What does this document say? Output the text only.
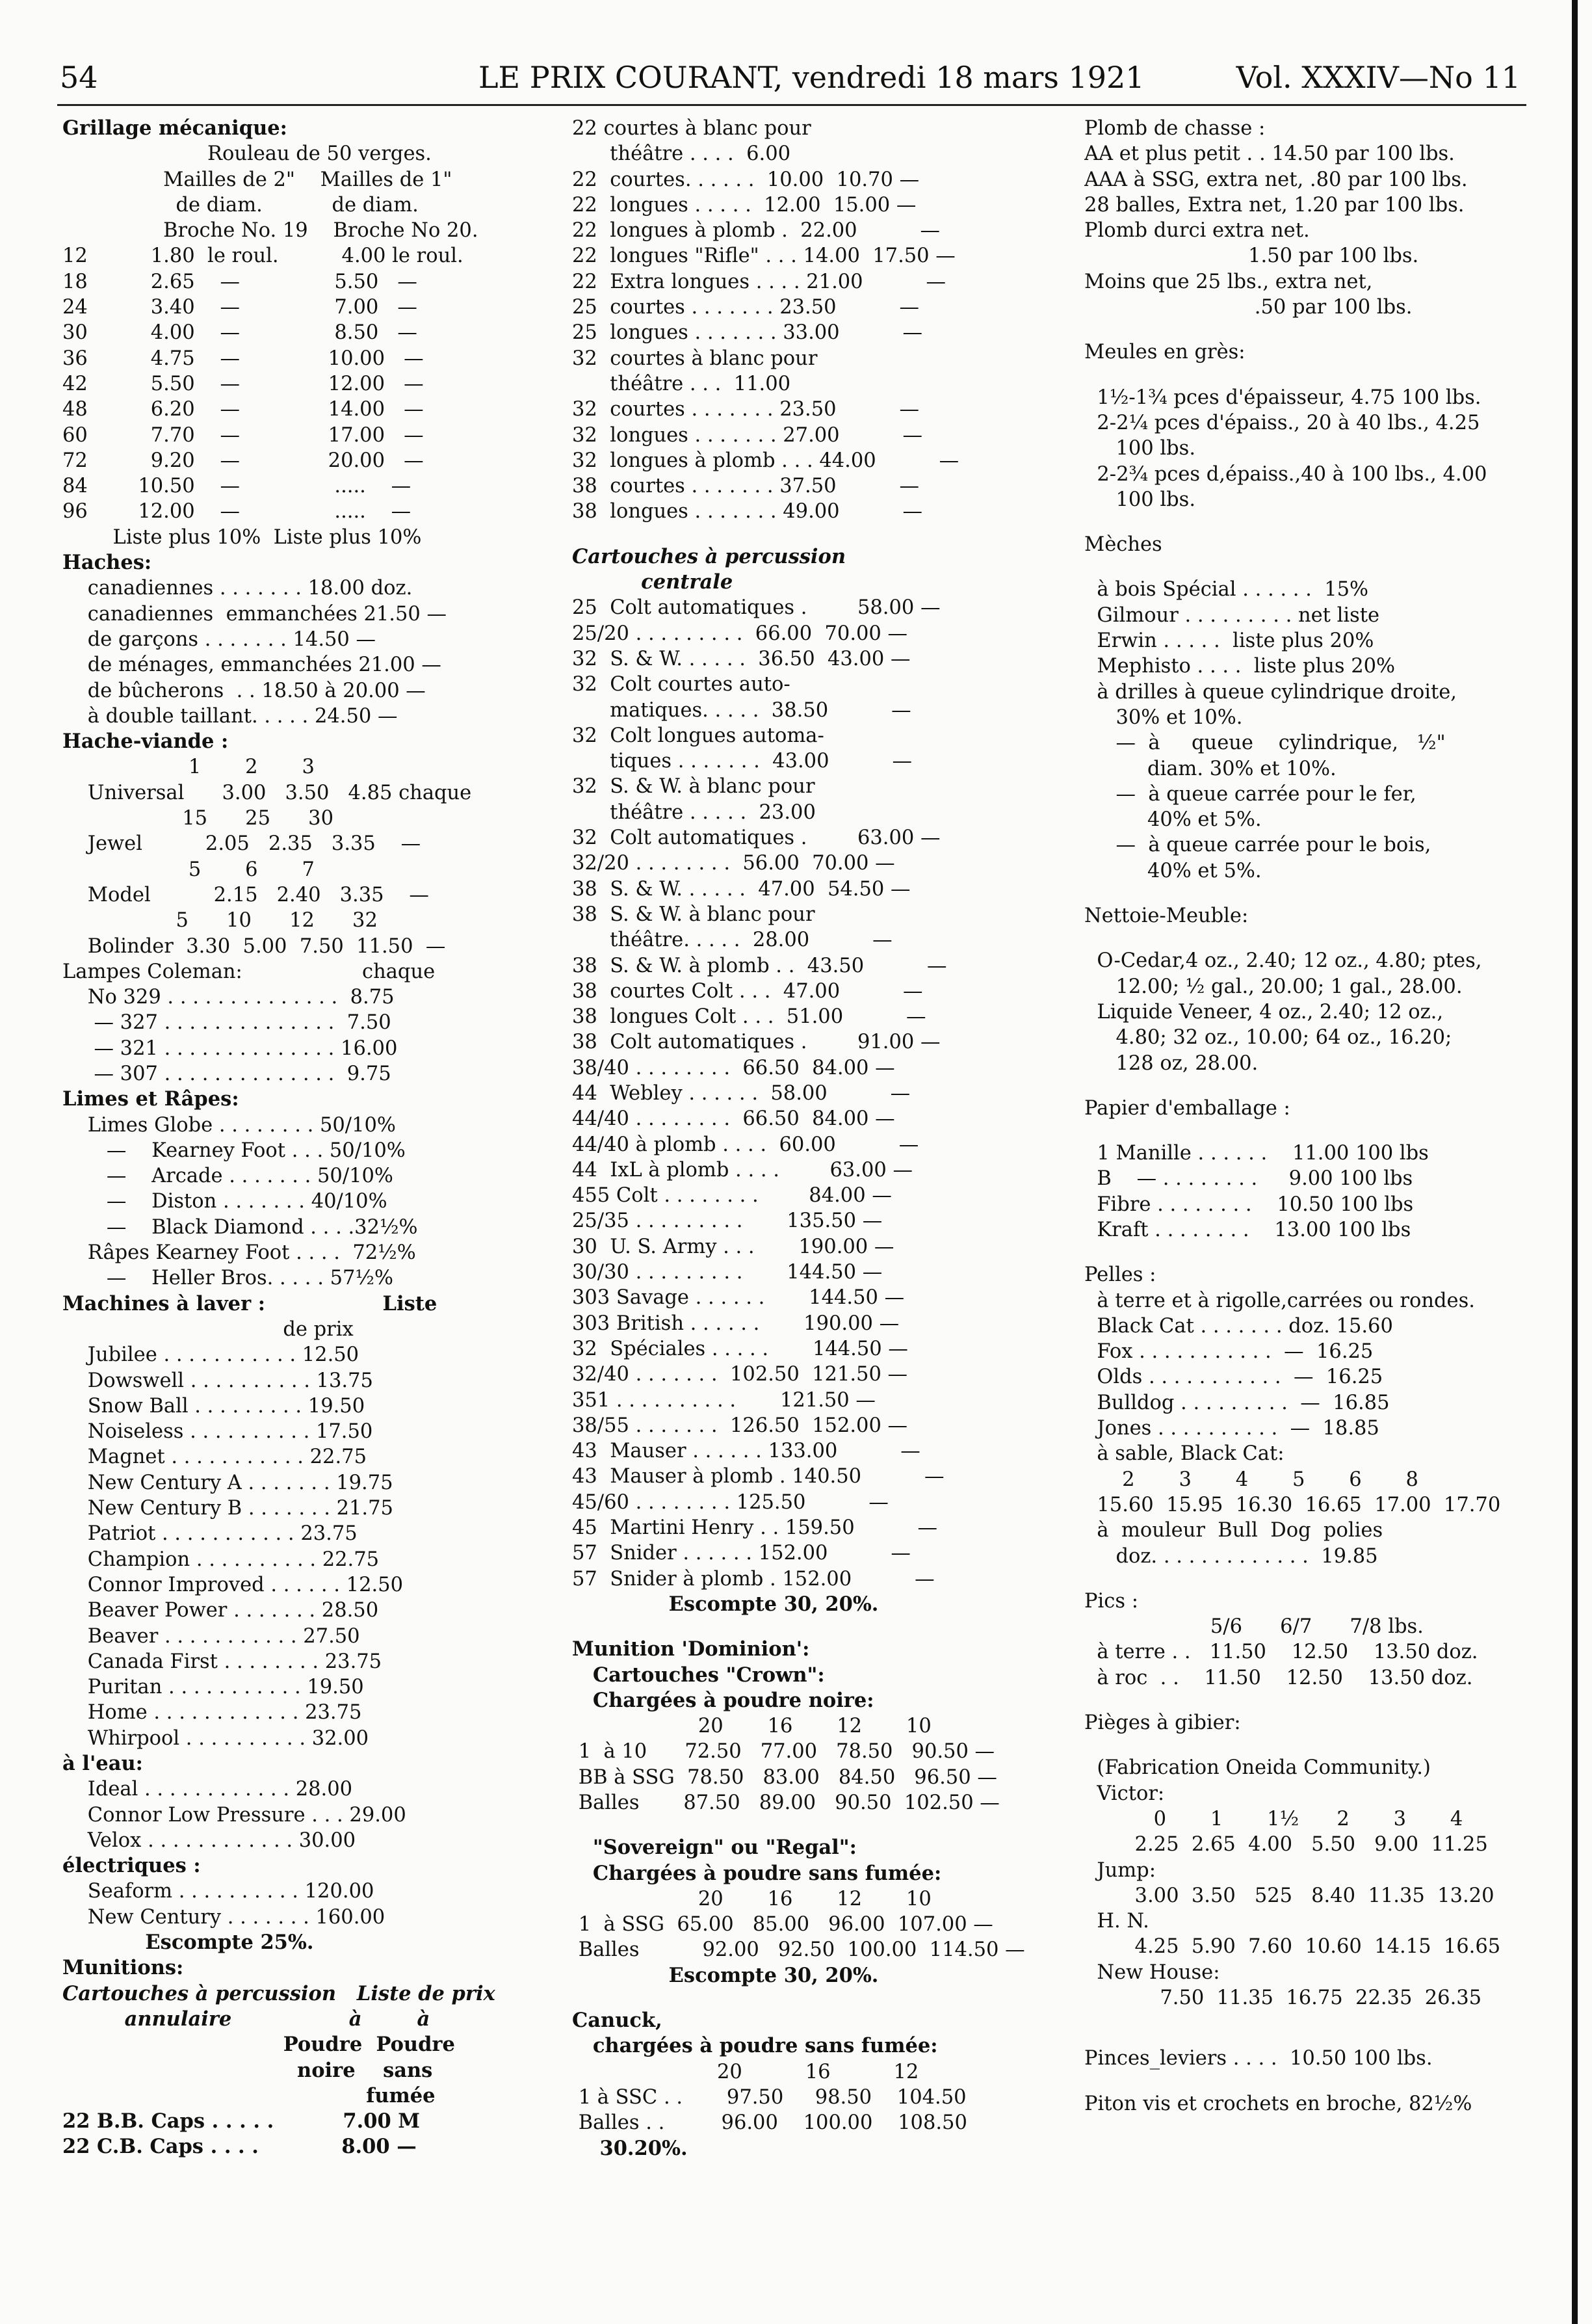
54	LE PRIX COURANT, vendredi 18 mars 1921	Vol. XXXIV—No 11
Grillage mécanique:
Rouleau de 50 verges.
Mailles de 2"    Mailles de 1"
de diam.           de diam.
Broche No. 19    Broche No 20.
12          1.80  le roul.          4.00 le roul.
18          2.65    —               5.50   —
24          3.40    —               7.00   —
30          4.00    —               8.50   —
36          4.75    —              10.00   —
42          5.50    —              12.00   —
48          6.20    —              14.00   —
60          7.70    —              17.00   —
72          9.20    —              20.00   —
84        10.50    —               .....    —
96        12.00    —               .....    —
Liste plus 10%  Liste plus 10%
Haches:
canadiennes . . . . . . . 18.00 doz.
canadiennes  emmanchées 21.50 —
de garçons . . . . . . . 14.50 —
de ménages, emmanchées 21.00 —
de bûcherons  . . 18.50 à 20.00 —
à double taillant. . . . . 24.50 —
Hache-viande :
1       2       3
Universal      3.00   3.50   4.85 chaque
15      25      30
Jewel          2.05   2.35   3.35    —
5       6       7
Model          2.15   2.40   3.35    —
5      10      12      32
Bolinder  3.30  5.00  7.50  11.50  —
Lampes Coleman:                   chaque
No 329 . . . . . . . . . . . . . .  8.75
— 327 . . . . . . . . . . . . . .  7.50
— 321 . . . . . . . . . . . . . . 16.00
— 307 . . . . . . . . . . . . . .  9.75
Limes et Râpes:
Limes Globe . . . . . . . . 50/10%
—    Kearney Foot . . . 50/10%
—    Arcade . . . . . . . 50/10%
—    Diston . . . . . . . 40/10%
—    Black Diamond . . . .32½%
Râpes Kearney Foot . . . .  72½%
—    Heller Bros. . . . . 57½%
Machines à laver :                 Liste
de prix
Jubilee . . . . . . . . . . . 12.50
Dowswell . . . . . . . . . . 13.75
Snow Ball . . . . . . . . . 19.50
Noiseless . . . . . . . . . . 17.50
Magnet . . . . . . . . . . . 22.75
New Century A . . . . . . . 19.75
New Century B . . . . . . . 21.75
Patriot . . . . . . . . . . . 23.75
Champion . . . . . . . . . . 22.75
Connor Improved . . . . . . 12.50
Beaver Power . . . . . . . 28.50
Beaver . . . . . . . . . . . 27.50
Canada First . . . . . . . . 23.75
Puritan . . . . . . . . . . . 19.50
Home . . . . . . . . . . . . 23.75
Whirpool . . . . . . . . . . 32.00
à l'eau:
Ideal . . . . . . . . . . . . 28.00
Connor Low Pressure . . . 29.00
Velox . . . . . . . . . . . . 30.00
électriques :
Seaform . . . . . . . . . . 120.00
New Century . . . . . . . 160.00
Escompte 25%.
Munitions:
Cartouches à percussion   Liste de prix
annulaire                 à        à
Poudre  Poudre
noire    sans
fumée
22 B.B. Caps . . . . .          7.00 M
22 C.B. Caps . . . .            8.00 —
22 courtes à blanc pour
théâtre . . . .  6.00
22  courtes. . . . . .  10.00  10.70 —
22  longues . . . . .  12.00  15.00 —
22  longues à plomb .  22.00          —
22  longues "Rifle" . . . 14.00  17.50 —
22  Extra longues . . . . 21.00          —
25  courtes . . . . . . . 23.50          —
25  longues . . . . . . . 33.00          —
32  courtes à blanc pour
théâtre . . .  11.00
32  courtes . . . . . . . 23.50          —
32  longues . . . . . . . 27.00          —
32  longues à plomb . . . 44.00          —
38  courtes . . . . . . . 37.50          —
38  longues . . . . . . . 49.00          —

Cartouches à percussion
centrale
25  Colt automatiques .        58.00 —
25/20 . . . . . . . . .  66.00  70.00 —
32  S. & W. . . . . .  36.50  43.00 —
32  Colt courtes auto-
matiques. . . . .  38.50          —
32  Colt longues automa-
tiques . . . . . . .  43.00          —
32  S. & W. à blanc pour
théâtre . . . . .  23.00
32  Colt automatiques .        63.00 —
32/20 . . . . . . . .  56.00  70.00 —
38  S. & W. . . . . .  47.00  54.50 —
38  S. & W. à blanc pour
théâtre. . . . .  28.00          —
38  S. & W. à plomb . .  43.50          —
38  courtes Colt . . .  47.00          —
38  longues Colt . . .  51.00          —
38  Colt automatiques .        91.00 —
38/40 . . . . . . . .  66.50  84.00 —
44  Webley . . . . . .  58.00          —
44/40 . . . . . . . .  66.50  84.00 —
44/40 à plomb . . . .  60.00          —
44  IxL à plomb . . . .        63.00 —
455 Colt . . . . . . . .        84.00 —
25/35 . . . . . . . . .       135.50 —
30  U. S. Army . . .       190.00 —
30/30 . . . . . . . . .       144.50 —
303 Savage . . . . . .       144.50 —
303 British . . . . . .       190.00 —
32  Spéciales . . . . .       144.50 —
32/40 . . . . . . .  102.50  121.50 —
351 . . . . . . . . . .       121.50 —
38/55 . . . . . . .  126.50  152.00 —
43  Mauser . . . . . . 133.00          —
43  Mauser à plomb . 140.50          —
45/60 . . . . . . . . 125.50          —
45  Martini Henry . . 159.50          —
57  Snider . . . . . . 152.00          —
57  Snider à plomb . 152.00          —
Escompte 30, 20%.

Munition 'Dominion':
Cartouches "Crown":
Chargées à poudre noire:
20       16       12       10
1  à 10      72.50   77.00   78.50   90.50 —
BB à SSG  78.50   83.00   84.50   96.50 —
Balles       87.50   89.00   90.50  102.50 —

"Sovereign" ou "Regal":
Chargées à poudre sans fumée:
20       16       12       10
1  à SSG  65.00   85.00   96.00  107.00 —
Balles          92.00   92.50  100.00  114.50 —
Escompte 30, 20%.

Canuck,
chargées à poudre sans fumée:
20          16          12
1 à SSC . .       97.50     98.50    104.50
Balles . .         96.00    100.00    108.50
30.20%.
Plomb de chasse :
AA et plus petit . . 14.50 par 100 lbs.
AAA à SSG, extra net, .80 par 100 lbs.
28 balles, Extra net, 1.20 par 100 lbs.
Plomb durci extra net.
1.50 par 100 lbs.
Moins que 25 lbs., extra net,
.50 par 100 lbs.

Meules en grès:

1½-1¾ pces d'épaisseur, 4.75 100 lbs.
2-2¼ pces d'épaiss., 20 à 40 lbs., 4.25
100 lbs.
2-2¾ pces d,épaiss.,40 à 100 lbs., 4.00
100 lbs.

Mèches

à bois Spécial . . . . . .  15%
Gilmour . . . . . . . . . net liste
Erwin . . . . .  liste plus 20%
Mephisto . . . .  liste plus 20%
à drilles à queue cylindrique droite,
30% et 10%.
—  à     queue    cylindrique,   ½"
diam. 30% et 10%.
—  à queue carrée pour le fer,
40% et 5%.
—  à queue carrée pour le bois,
40% et 5%.

Nettoie-Meuble:

O-Cedar,4 oz., 2.40; 12 oz., 4.80; ptes,
12.00; ½ gal., 20.00; 1 gal., 28.00.
Liquide Veneer, 4 oz., 2.40; 12 oz.,
4.80; 32 oz., 10.00; 64 oz., 16.20;
128 oz, 28.00.

Papier d'emballage :

1 Manille . . . . . .    11.00 100 lbs
B    — . . . . . . . .     9.00 100 lbs
Fibre . . . . . . . .    10.50 100 lbs
Kraft . . . . . . . .    13.00 100 lbs

Pelles :
à terre et à rigolle,carrées ou rondes.
Black Cat . . . . . . . doz. 15.60
Fox . . . . . . . . . . .  —  16.25
Olds . . . . . . . . . . .  —  16.25
Bulldog . . . . . . . . .  —  16.85
Jones . . . . . . . . . .  —  18.85
à sable, Black Cat:
2       3       4       5       6       8
15.60  15.95  16.30  16.65  17.00  17.70
à  mouleur  Bull  Dog  polies
doz. . . . . . . . . . . . .  19.85

Pics :
5/6      6/7      7/8 lbs.
à terre . .   11.50    12.50    13.50 doz.
à roc  . .    11.50    12.50    13.50 doz.

Pièges à gibier:

(Fabrication Oneida Community.)
Victor:
0       1       1½      2       3       4
2.25  2.65  4.00   5.50   9.00  11.25
Jump:
3.00  3.50   525   8.40  11.35  13.20
H. N.
4.25  5.90  7.60  10.60  14.15  16.65
New House:
7.50  11.35  16.75  22.35  26.35

Pinces_leviers . . . .  10.50 100 lbs.

Piton vis et crochets en broche, 82½%
